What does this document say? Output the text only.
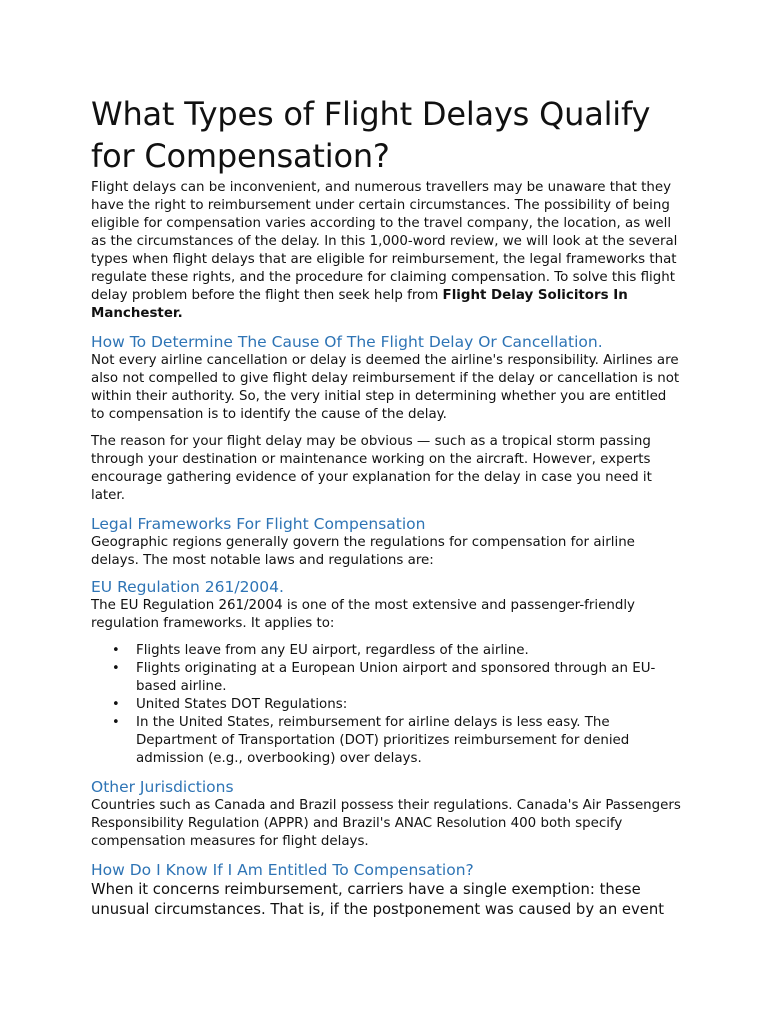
What Types of Flight Delays Qualify for Compensation?

Flight delays can be inconvenient, and numerous travellers may be unaware that they have the right to reimbursement under certain circumstances. The possibility of being eligible for compensation varies according to the travel company, the location, as well as the circumstances of the delay. In this 1,000-word review, we will look at the several types when flight delays that are eligible for reimbursement, the legal frameworks that regulate these rights, and the procedure for claiming compensation. To solve this flight delay problem before the flight then seek help from Flight Delay Solicitors In Manchester.

How To Determine The Cause Of The Flight Delay Or Cancellation.

Not every airline cancellation or delay is deemed the airline's responsibility. Airlines are also not compelled to give flight delay reimbursement if the delay or cancellation is not within their authority. So, the very initial step in determining whether you are entitled to compensation is to identify the cause of the delay.

The reason for your flight delay may be obvious — such as a tropical storm passing through your destination or maintenance working on the aircraft. However, experts encourage gathering evidence of your explanation for the delay in case you need it later.

Legal Frameworks For Flight Compensation

Geographic regions generally govern the regulations for compensation for airline delays. The most notable laws and regulations are:

EU Regulation 261/2004.

The EU Regulation 261/2004 is one of the most extensive and passenger-friendly regulation frameworks. It applies to:

• Flights leave from any EU airport, regardless of the airline.
• Flights originating at a European Union airport and sponsored through an EU-based airline.
• United States DOT Regulations:
• In the United States, reimbursement for airline delays is less easy. The Department of Transportation (DOT) prioritizes reimbursement for denied admission (e.g., overbooking) over delays.
Other Jurisdictions

Countries such as Canada and Brazil possess their regulations. Canada's Air Passengers Responsibility Regulation (APPR) and Brazil's ANAC Resolution 400 both specify compensation measures for flight delays.

How Do I Know If I Am Entitled To Compensation?

When it concerns reimbursement, carriers have a single exemption: these unusual circumstances. That is, if the postponement was caused by an event
